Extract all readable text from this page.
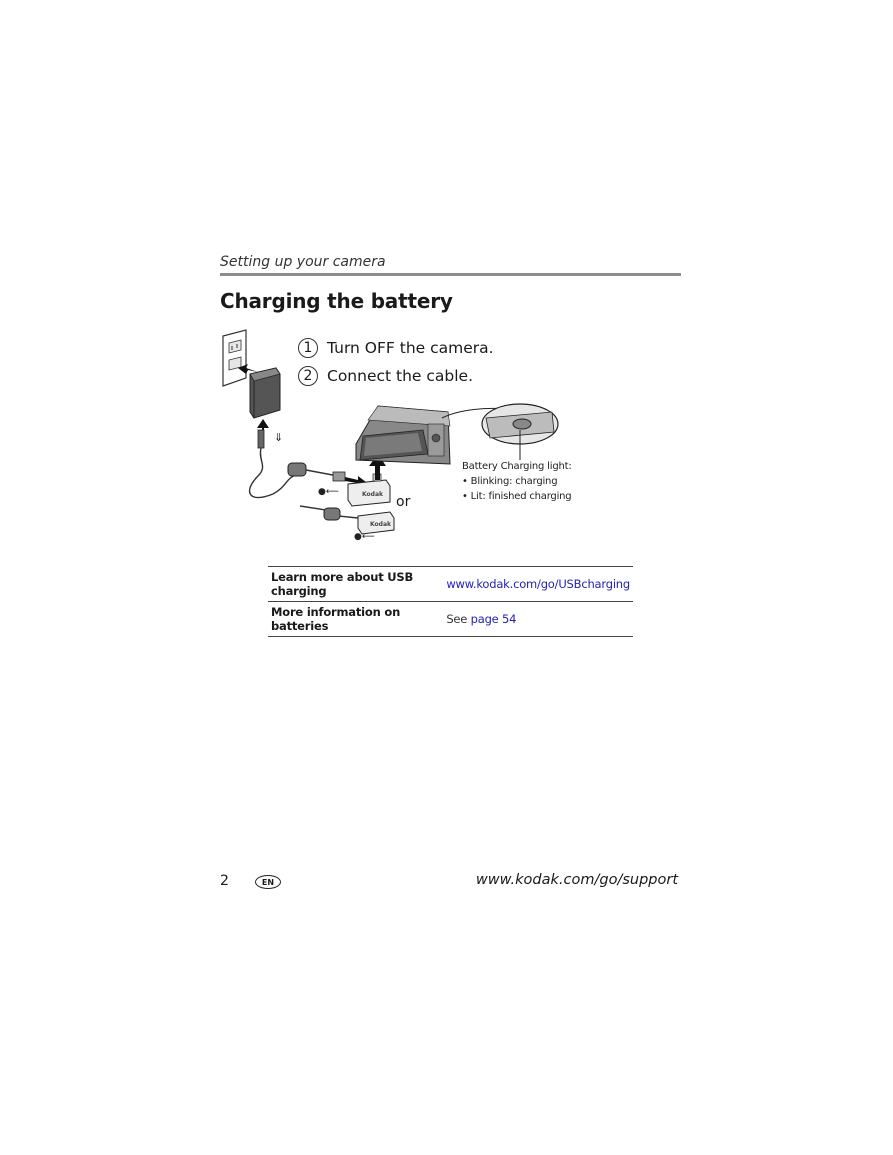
Setting up your camera
Charging the battery
⇓
Kodak
●⟵
Kodak
●⟵
1 Turn OFF the camera.
2 Connect the cable.
Battery Charging light:
• Blinking: charging
• Lit: finished charging
or
Learn more about USB charging	www.kodak.com/go/USBcharging
More information on batteries	See page 54
2	EN	www.kodak.com/go/support
